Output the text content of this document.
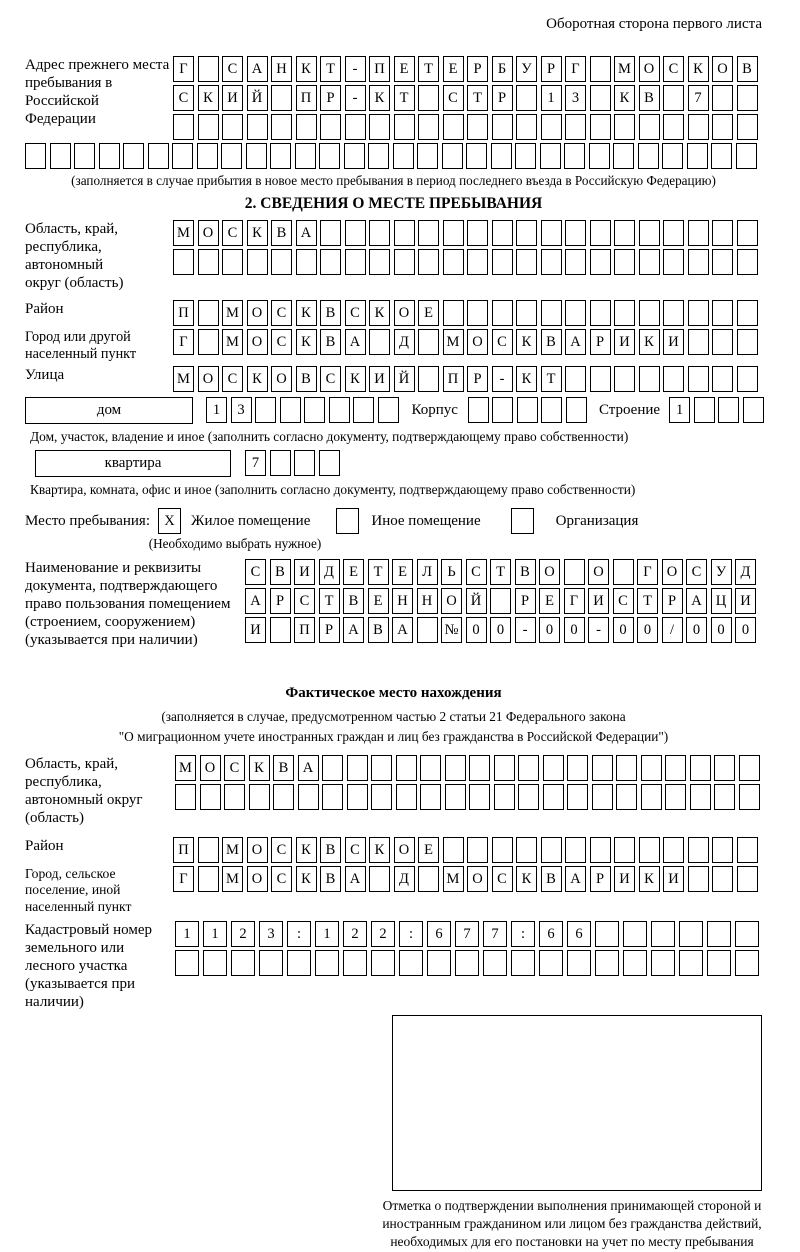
Оборотная сторона первого листа
Адрес прежнего места пребывания в Российской Федерации
Г	С А Н К	Т	-	П	Е	Т	Е	Р	Б	У	Р	Г	М О С	К О В
С	К И Й	П	Р	-	К	Т	С	Т	Р	1	3	К	В	7
(заполняется в случае прибытия в новое место пребывания в период последнего въезда в Российскую Федерацию)
2. СВЕДЕНИЯ О МЕСТЕ ПРЕБЫВАНИЯ
Область, край, республика, автономный округ (область)
М О С	К	В А
Район	П	М О С	К	В	С	К О	Е
Город или другой населенный пункт
Г	М О С	К	В А	Д	М О С	К	В А	Р	И К И
Улица	М О С	К О В	С	К И Й	П	Р	-	К	Т
дом	1	3	Корпус	Строение	1
Дом, участок, владение и иное (заполнить согласно документу, подтверждающему право собственности)
квартира	7
Квартира, комната, офис и иное (заполнить согласно документу, подтверждающему право собственности)
Место пребывания: X	Жилое помещение	Иное помещение	Организация
(Необходимо выбрать нужное)
Наименование и реквизиты документа, подтверждающего право пользования помещением (строением, сооружением) (указывается при наличии)
С	В И Д	Е	Т	Е	Л	Ь	С	Т	В О	О	Г	О С	У Д
А	Р	С	Т	В	Е	Н Н О Й	Р	Е	Г	И С	Т	Р	А Ц И
И	П	Р	А В А	№ 0	0	-	0	0	-	0	0	/	0	0	0
Фактическое место нахождения
(заполняется в случае, предусмотренном частью 2 статьи 21 Федерального закона
"О миграционном учете иностранных граждан и лиц без гражданства в Российской Федерации")
Область, край, республика, автономный округ (область)
М О С	К	В А
Район	П	М О С	К	В	С	К О	Е
Город, сельское поселение, иной населенный пункт
Г	М О С	К	В А	Д	М О С	К	В А	Р	И К И
Кадастровый номер земельного или лесного участка (указывается при наличии)
1	1	2	3	:	1	2	2	:	6	7	7	:	6	6
Отметка о подтверждении выполнения принимающей стороной и иностранным гражданином или лицом без гражданства действий, необходимых для его постановки на учет по месту пребывания
